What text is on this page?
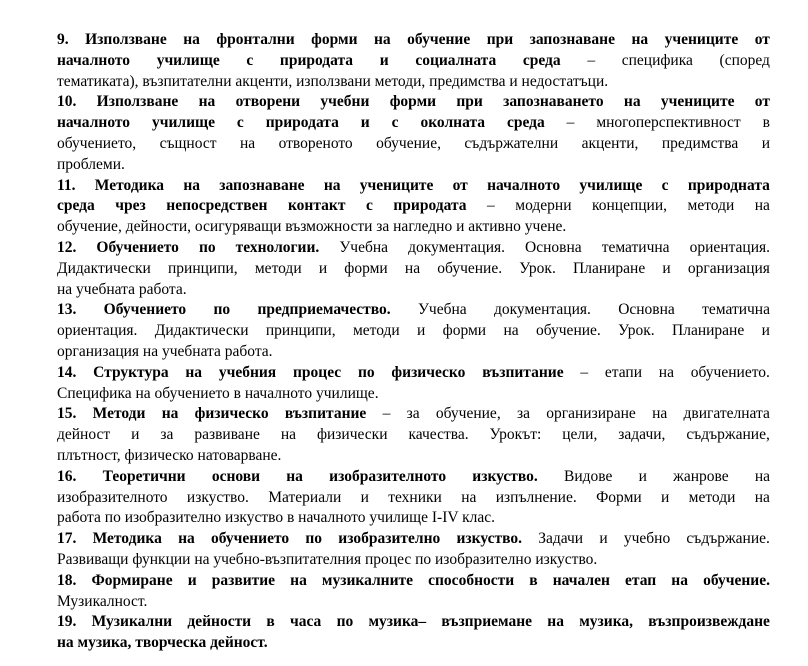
9. Използване на фронтални форми на обучение при запознаване на учениците от
началното училище с природата и социалната среда – специфика (според
тематиката), възпитателни акценти, използвани методи, предимства и недостатъци.
10. Използване на отворени учебни форми при запознаването на учениците от
началното училище с природата и с околната среда – многоперспективност в
обучението, същност на отвореното обучение, съдържателни акценти, предимства и
проблеми.
11. Методика на запознаване на учениците от началното училище с природната
среда чрез непосредствен контакт с природата – модерни концепции, методи на
обучение, дейности, осигуряващи възможности за нагледно и активно учене.
12. Обучението по технологии. Учебна документация. Основна тематична ориентация.
Дидактически принципи, методи и форми на обучение. Урок. Планиране и организация
на учебната работа.
13. Обучението по предприемачество. Учебна документация. Основна тематична
ориентация. Дидактически принципи, методи и форми на обучение. Урок. Планиране и
организация на учебната работа.
14. Структура на учебния процес по физическо възпитание – етапи на обучението.
Специфика на обучението в началното училище.
15. Методи на физическо възпитание – за обучение, за организиране на двигателната
дейност и за развиване на физически качества. Урокът: цели, задачи, съдържание,
плътност, физическо натоварване.
16. Теоретични основи на изобразителното изкуство. Видове и жанрове на
изобразителното изкуство. Материали и техники на изпълнение. Форми и методи на
работа по изобразително изкуство в началното училище I-IV клас.
17. Методика на обучението по изобразително изкуство. Задачи и учебно съдържание.
Развиващи функции на учебно-възпитателния процес по изобразително изкуство.
18. Формиране и развитие на музикалните способности в начален етап на обучение.
Музикалност.
19. Музикални дейности в часа по музика– възприемане на музика, възпроизвеждане
на музика, творческа дейност.
